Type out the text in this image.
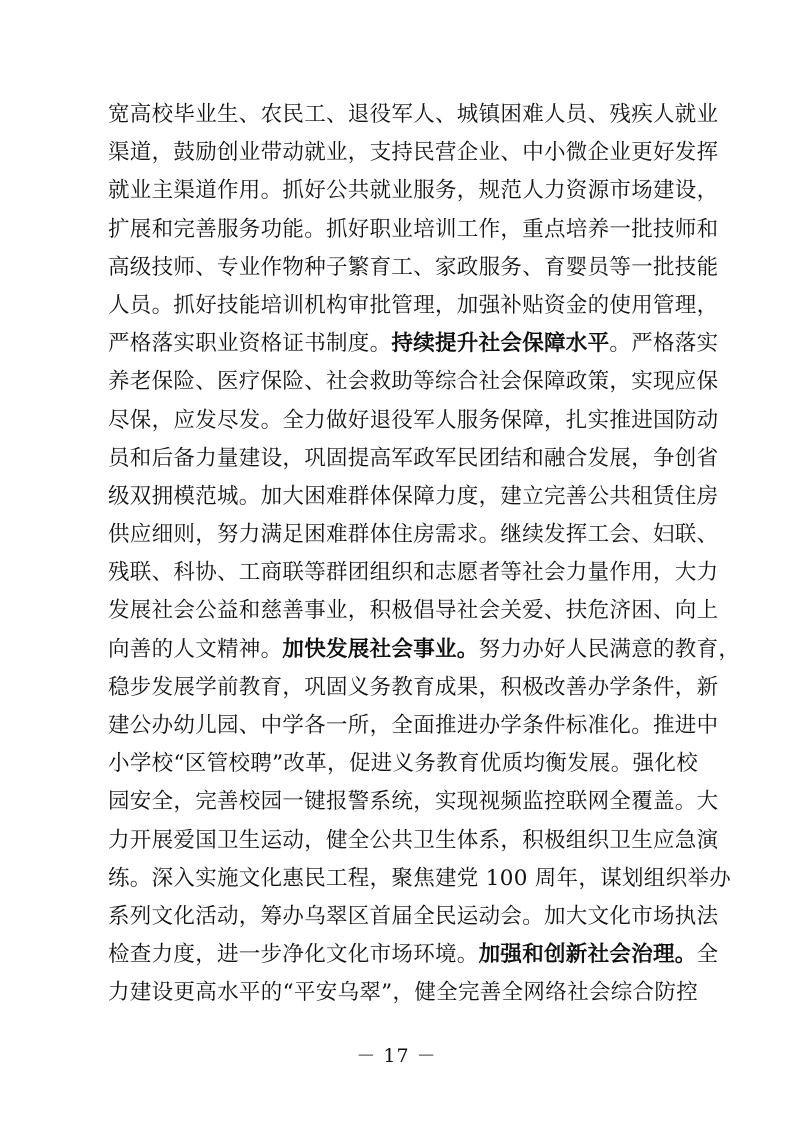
宽高校毕业生、农民工、退役军人、城镇困难人员、残疾人就业
渠道，鼓励创业带动就业，支持民营企业、中小微企业更好发挥
就业主渠道作用。抓好公共就业服务，规范人力资源市场建设，
扩展和完善服务功能。抓好职业培训工作，重点培养一批技师和
高级技师、专业作物种子繁育工、家政服务、育婴员等一批技能
人员。抓好技能培训机构审批管理，加强补贴资金的使用管理，
严格落实职业资格证书制度。持续提升社会保障水平。严格落实
养老保险、医疗保险、社会救助等综合社会保障政策，实现应保
尽保，应发尽发。全力做好退役军人服务保障，扎实推进国防动
员和后备力量建设，巩固提高军政军民团结和融合发展，争创省
级双拥模范城。加大困难群体保障力度，建立完善公共租赁住房
供应细则，努力满足困难群体住房需求。继续发挥工会、妇联、
残联、科协、工商联等群团组织和志愿者等社会力量作用，大力
发展社会公益和慈善事业，积极倡导社会关爱、扶危济困、向上
向善的人文精神。加快发展社会事业。努力办好人民满意的教育，
稳步发展学前教育，巩固义务教育成果，积极改善办学条件，新
建公办幼儿园、中学各一所，全面推进办学条件标准化。推进中
小学校“区管校聘”改革，促进义务教育优质均衡发展。强化校
园安全，完善校园一键报警系统，实现视频监控联网全覆盖。大
力开展爱国卫生运动，健全公共卫生体系，积极组织卫生应急演
练。深入实施文化惠民工程，聚焦建党 100 周年，谋划组织举办
系列文化活动，筹办乌翠区首届全民运动会。加大文化市场执法
检查力度，进一步净化文化市场环境。加强和创新社会治理。全
力建设更高水平的“平安乌翠”，健全完善全网络社会综合防控
－ 17 －
